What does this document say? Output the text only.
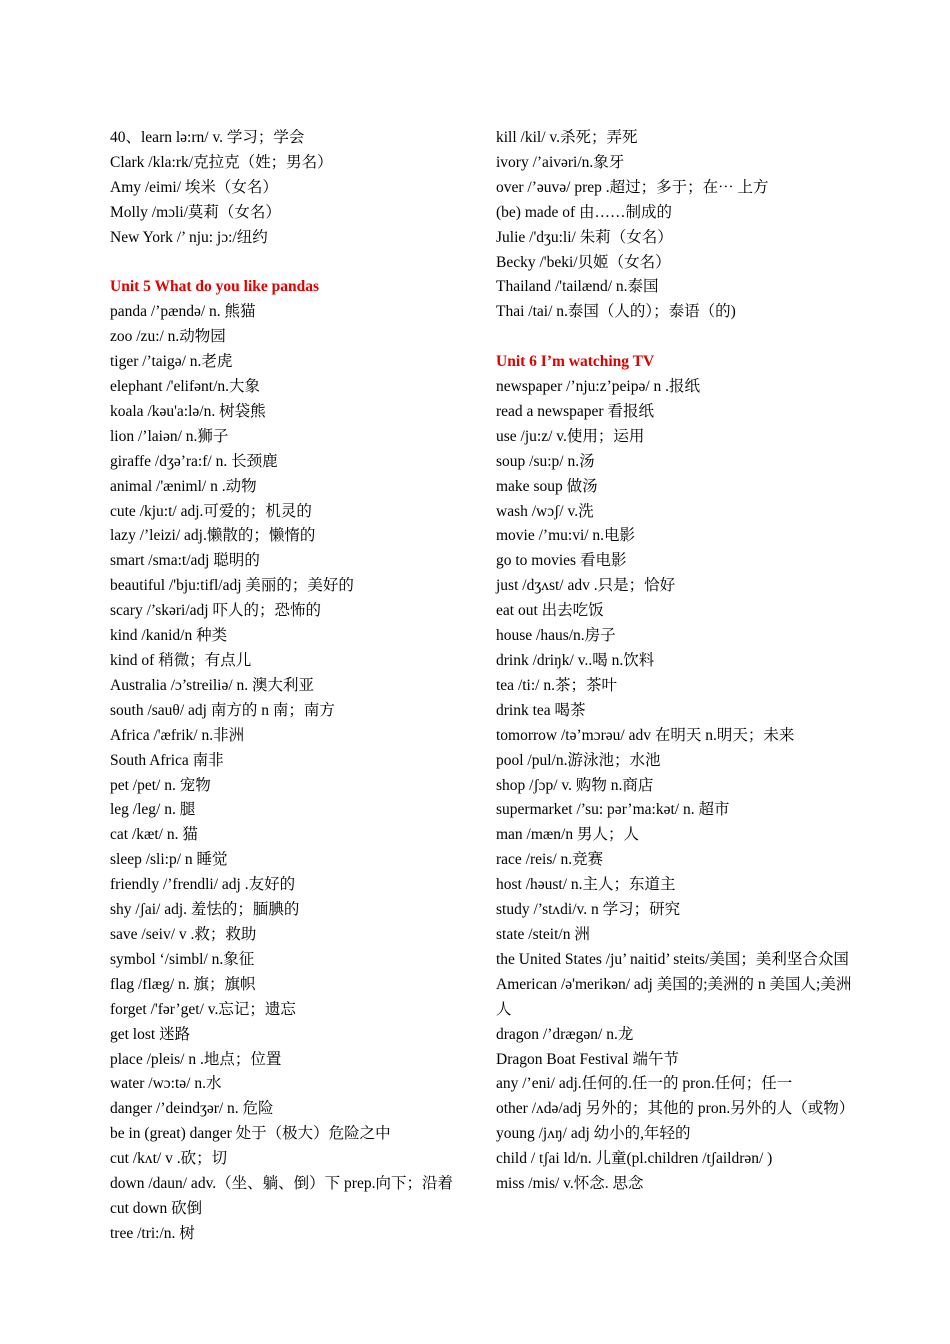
40、learn lə:rn/ v. 学习；学会
Clark /kla:rk/克拉克（姓；男名）
Amy /eimi/ 埃米（女名）
Molly /mɔli/莫莉（女名）
New York /’ nju: jɔ:/纽约
Unit 5 What do you like pandas
panda /’pændə/ n. 熊猫
zoo /zu:/ n.动物园
tiger /’taigə/ n.老虎
elephant /'elifənt/n.大象
koala /kəu'a:lə/n. 树袋熊
lion /’laiən/ n.狮子
giraffe /dʒə’ra:f/ n. 长颈鹿
animal /'æniml/ n .动物
cute /kju:t/ adj.可爱的；机灵的
lazy /’leizi/ adj.懒散的；懒惰的
smart /sma:t/adj 聪明的
beautiful /'bju:tifl/adj 美丽的；美好的
scary /’skəri/adj 吓人的；恐怖的
kind /kanid/n 种类
kind of 稍微；有点儿
Australia /ɔ’streiliə/ n. 澳大利亚
south /sauθ/ adj 南方的 n 南；南方
Africa /'æfrik/ n.非洲
South Africa 南非
pet /pet/ n. 宠物
leg /leg/ n. 腿
cat /kæt/ n. 猫
sleep /sli:p/ n 睡觉
friendly /’frendli/ adj .友好的
shy /ʃai/ adj. 羞怯的；腼腆的
save /seiv/ v .救；救助
symbol ‘/simbl/ n.象征
flag /flæg/ n. 旗；旗帜
forget /'fər’get/ v.忘记；遗忘
get lost 迷路
place /pleis/ n .地点；位置
water /wɔ:tə/ n.水
danger /’deindʒər/ n. 危险
be in (great) danger 处于（极大）危险之中
cut /kʌt/ v .砍；切
down /daun/ adv.（坐、躺、倒）下 prep.向下；沿着
cut down 砍倒
tree /tri:/n. 树
kill /kil/ v.杀死；弄死
ivory /’aivəri/n.象牙
over /’əuvə/ prep .超过；多于；在⋯ 上方
(be) made of 由……制成的
Julie /'dʒu:li/ 朱莉（女名）
Becky /'beki/贝姬（女名）
Thailand /'tailænd/ n.泰国
Thai /tai/ n.泰国（人的）；泰语（的)
Unit 6 I’m watching TV
newspaper /’nju:z’peipə/ n .报纸
read a newspaper 看报纸
use /ju:z/ v.使用；运用
soup /su:p/ n.汤
make soup 做汤
wash /wɔʃ/ v.洗
movie /’mu:vi/ n.电影
go to movies 看电影
just /dʒʌst/ adv .只是；恰好
eat out 出去吃饭
house /haus/n.房子
drink /driŋk/ v..喝 n.饮料
tea /ti:/ n.茶；茶叶
drink tea 喝茶
tomorrow /tə’mɔrəu/ adv 在明天 n.明天；未来
pool /pul/n.游泳池；水池
shop /ʃɔp/ v. 购物 n.商店
supermarket /’su: pər’ma:kət/ n. 超市
man /mæn/n 男人；人
race /reis/ n.竞赛
host /həust/ n.主人；东道主
study /’stʌdi/v. n 学习；研究
state /steit/n 洲
the United States /ju’ naitid’ steits/美国；美利坚合众国
American /ə'merikən/ adj 美国的;美洲的 n 美国人;美洲人
dragon /’drægən/ n.龙
Dragon Boat Festival 端午节
any /’eni/ adj.任何的.任一的 pron.任何；任一
other /ʌdə/adj 另外的；其他的 pron.另外的人（或物）
young /jʌŋ/ adj 幼小的,年轻的
child / tʃai ld/n. 儿童(pl.children /tʃaildrən/ )
miss /mis/ v.怀念. 思念
